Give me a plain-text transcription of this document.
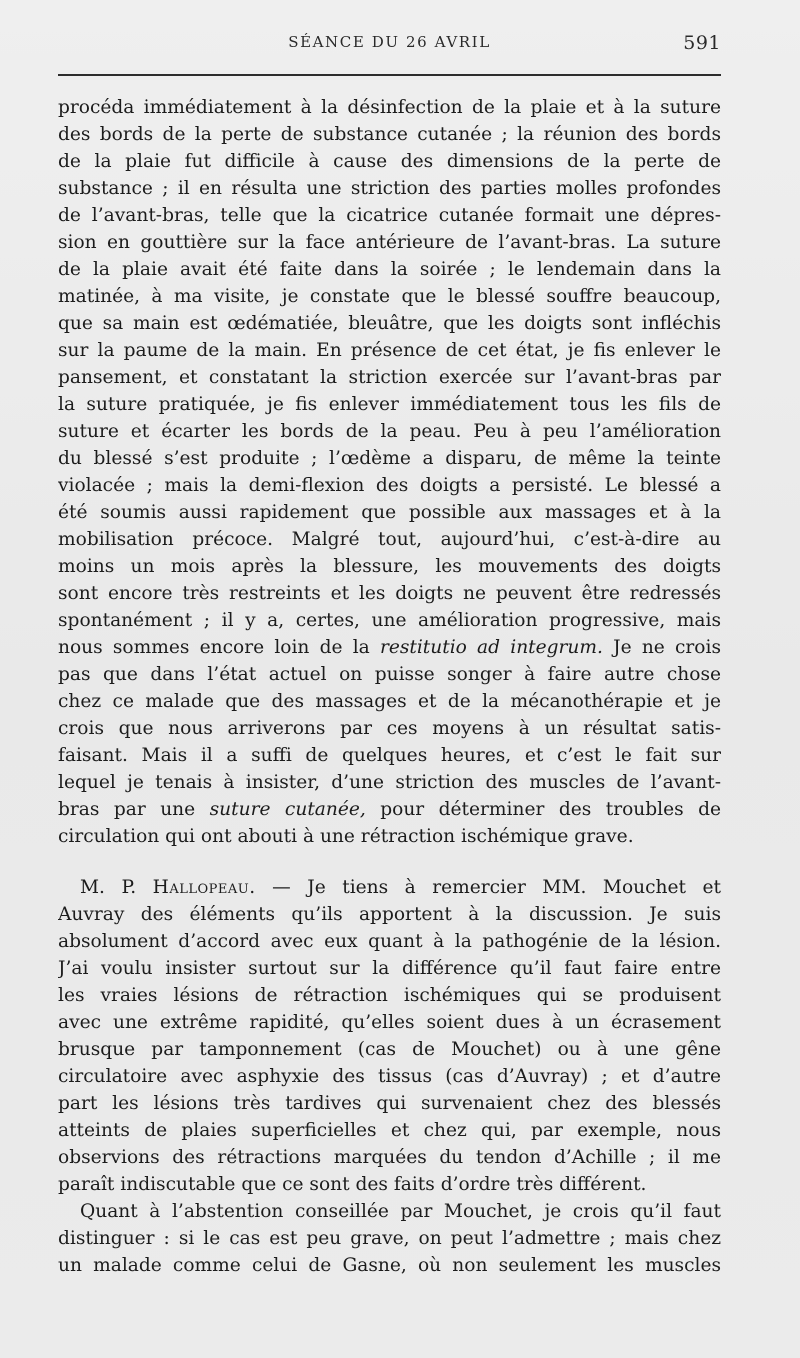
SÉANCE DU 26 AVRIL	591
procéda immédiatement à la désinfection de la plaie et à la suture
des bords de la perte de substance cutanée ; la réunion des bords
de la plaie fut difficile à cause des dimensions de la perte de
substance ; il en résulta une striction des parties molles profondes
de l’avant-bras, telle que la cicatrice cutanée formait une dépres-
sion en gouttière sur la face antérieure de l’avant-bras. La suture
de la plaie avait été faite dans la soirée ; le lendemain dans la
matinée, à ma visite, je constate que le blessé souffre beaucoup,
que sa main est œdématiée, bleuâtre, que les doigts sont infléchis
sur la paume de la main. En présence de cet état, je fis enlever le
pansement, et constatant la striction exercée sur l’avant-bras par
la suture pratiquée, je fis enlever immédiatement tous les fils de
suture et écarter les bords de la peau. Peu à peu l’amélioration
du blessé s’est produite ; l’œdème a disparu, de même la teinte
violacée ; mais la demi-flexion des doigts a persisté. Le blessé a
été soumis aussi rapidement que possible aux massages et à la
mobilisation précoce. Malgré tout, aujourd’hui, c’est-à-dire au
moins un mois après la blessure, les mouvements des doigts
sont encore très restreints et les doigts ne peuvent être redressés
spontanément ; il y a, certes, une amélioration progressive, mais
nous sommes encore loin de la restitutio ad integrum. Je ne crois
pas que dans l’état actuel on puisse songer à faire autre chose
chez ce malade que des massages et de la mécanothérapie et je
crois que nous arriverons par ces moyens à un résultat satis-
faisant. Mais il a suffi de quelques heures, et c’est le fait sur
lequel je tenais à insister, d’une striction des muscles de l’avant-
bras par une suture cutanée, pour déterminer des troubles de
circulation qui ont abouti à une rétraction ischémique grave.
M. P. Hallopeau. — Je tiens à remercier MM. Mouchet et
Auvray des éléments qu’ils apportent à la discussion. Je suis
absolument d’accord avec eux quant à la pathogénie de la lésion.
J’ai voulu insister surtout sur la différence qu’il faut faire entre
les vraies lésions de rétraction ischémiques qui se produisent
avec une extrême rapidité, qu’elles soient dues à un écrasement
brusque par tamponnement (cas de Mouchet) ou à une gêne
circulatoire avec asphyxie des tissus (cas d’Auvray) ; et d’autre
part les lésions très tardives qui survenaient chez des blessés
atteints de plaies superficielles et chez qui, par exemple, nous
observions des rétractions marquées du tendon d’Achille ; il me
paraît indiscutable que ce sont des faits d’ordre très différent.
Quant à l’abstention conseillée par Mouchet, je crois qu’il faut
distinguer : si le cas est peu grave, on peut l’admettre ; mais chez
un malade comme celui de Gasne, où non seulement les muscles
